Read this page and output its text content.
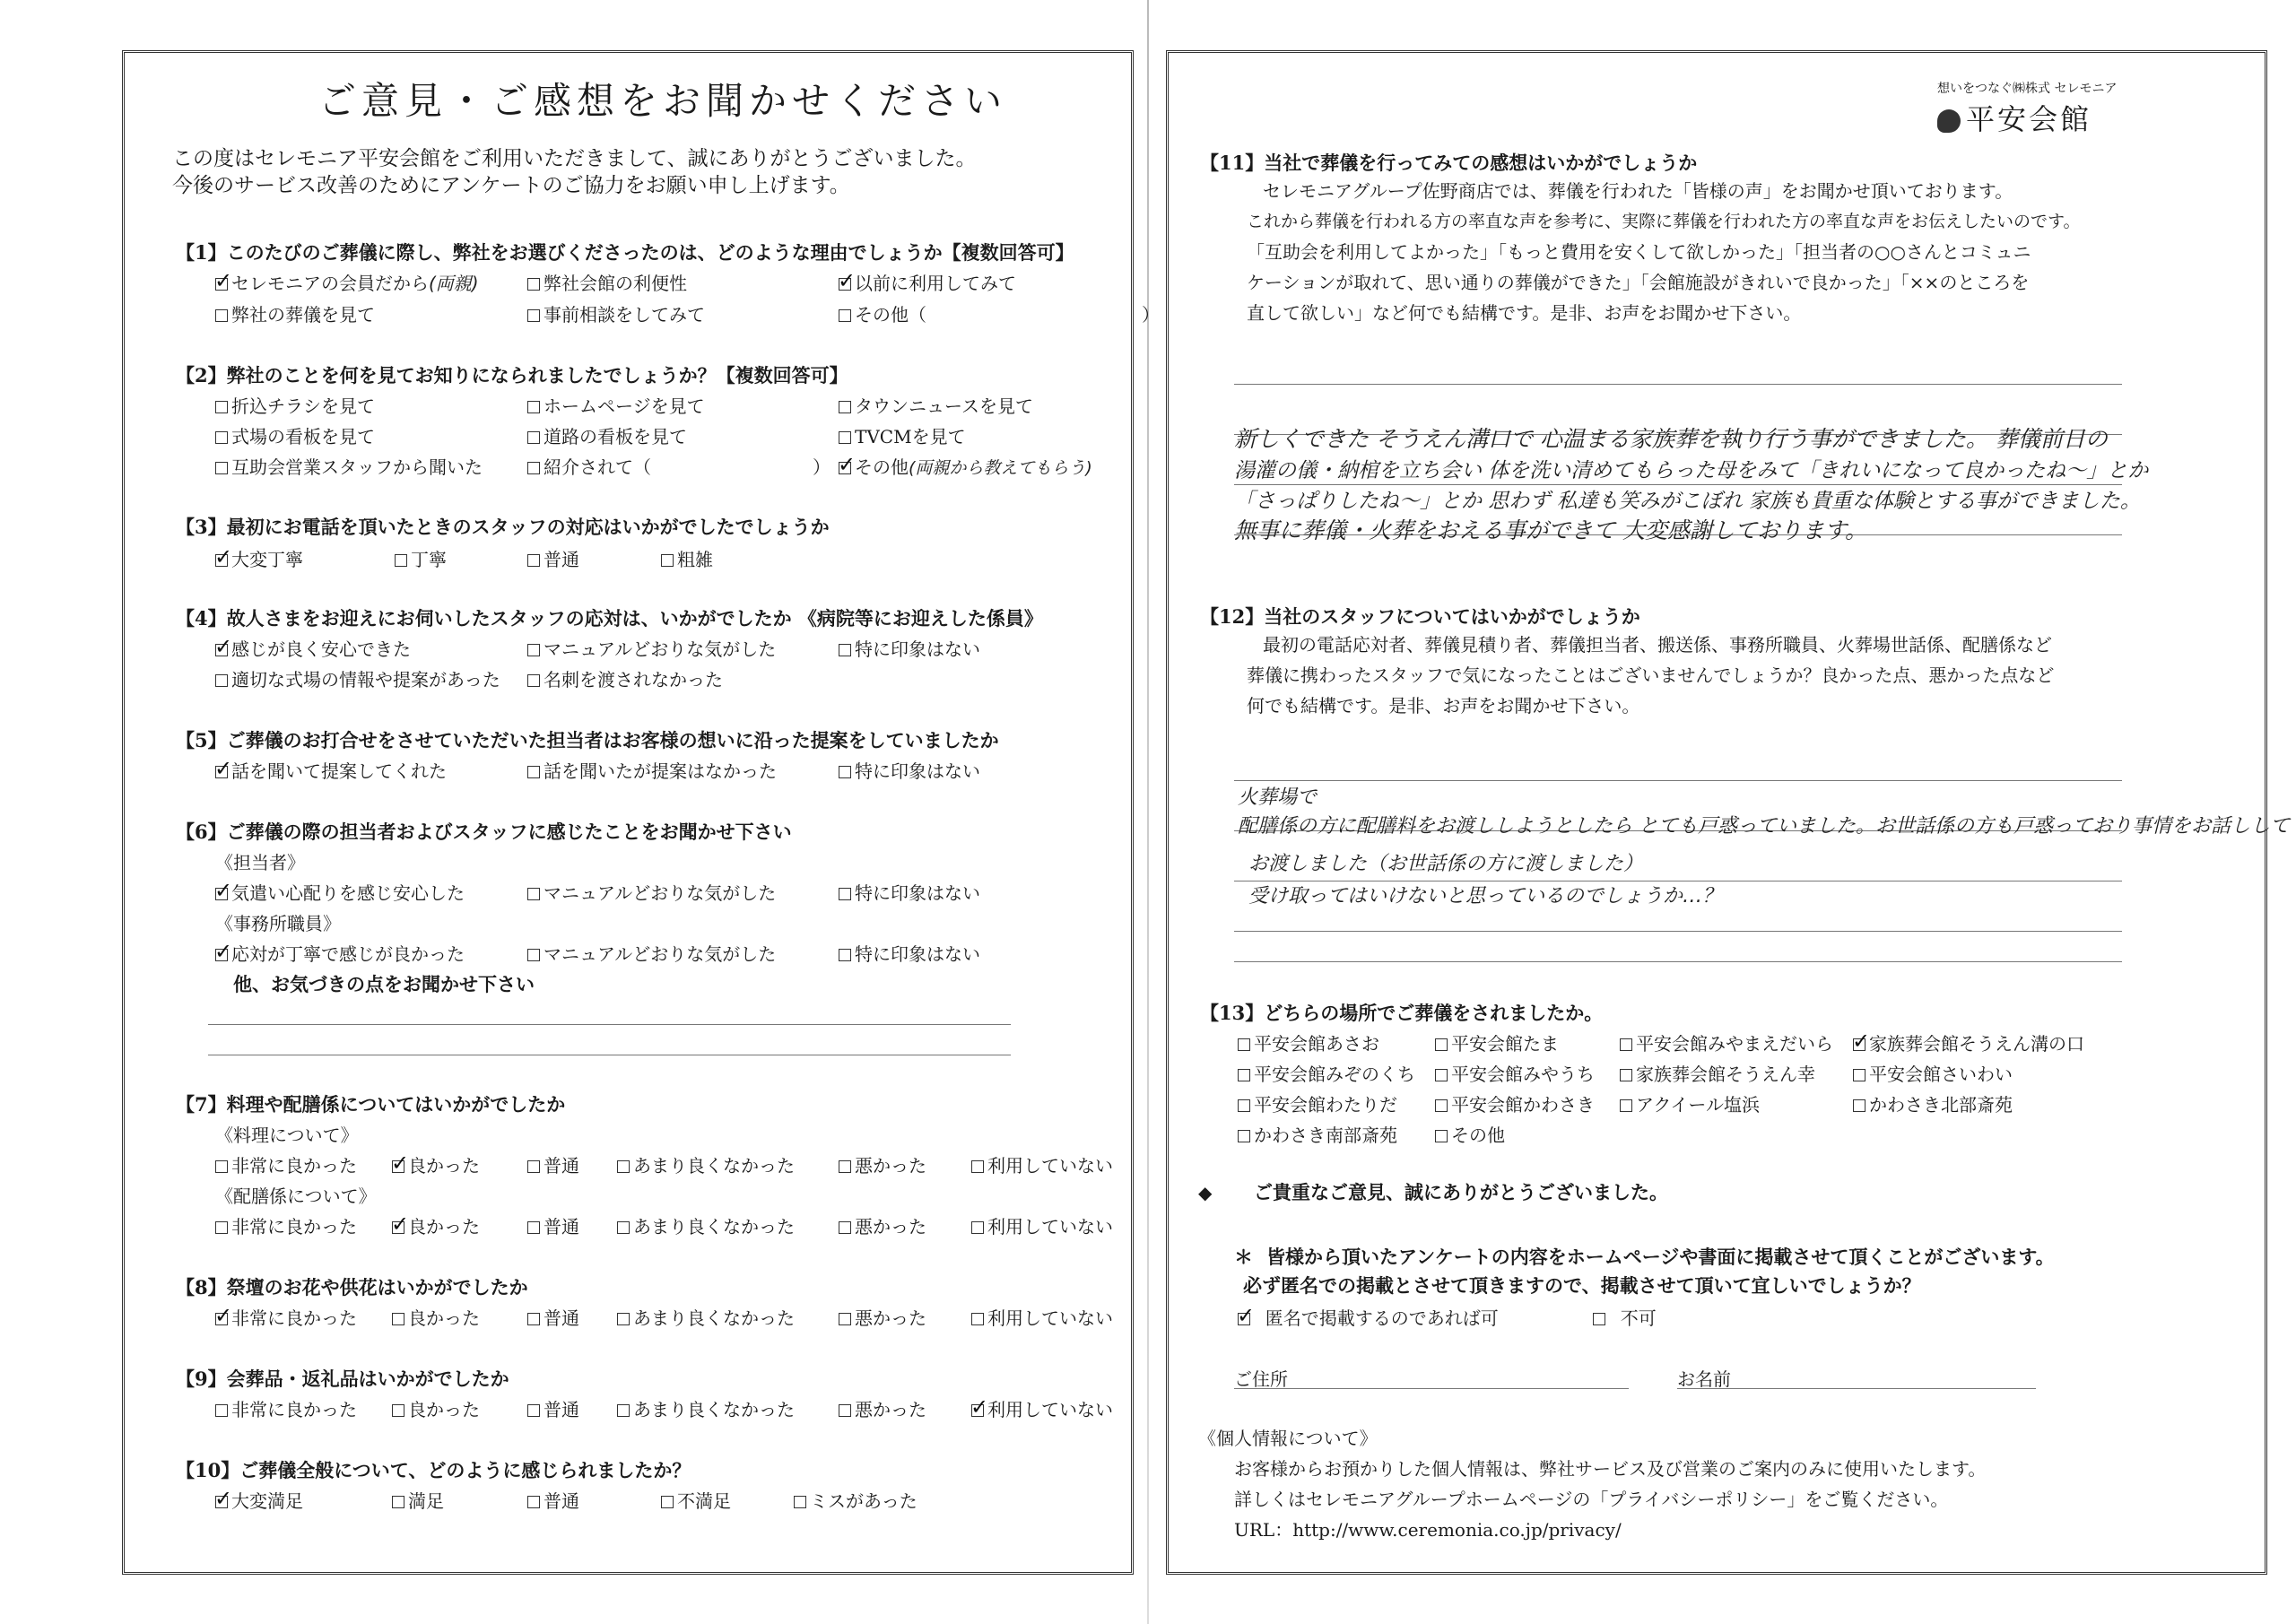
ご意見・ご感想をお聞かせください
この度はセレモニア平安会館をご利用いただきまして、誠にありがとうございました。
今後のサービス改善のためにアンケートのご協力をお願い申し上げます。
【1】このたびのご葬儀に際し、弊社をお選びくださったのは、どのような理由でしょうか【複数回答可】
✓セレモニアの会員だから(両親)	弊社会館の利便性 ✓	以前に利用してみて
弊社の葬儀を見て	事前相談をしてみて	その他（　　　　　　　　　　　　）
【2】弊社のことを何を見てお知りになられましたでしょうか？【複数回答可】
折込チラシを見て	ホームページを見て	タウンニュースを見て
式場の看板を見て	道路の看板を見て	TVCMを見て
互助会営業スタッフから聞いた	紹介されて（　　　　　　　　　） ✓	その他(両親から教えてもらう)
【3】最初にお電話を頂いたときのスタッフの対応はいかがでしたでしょうか
✓大変丁寧	丁寧	普通	粗雑
【4】故人さまをお迎えにお伺いしたスタッフの応対は、いかがでしたか 《病院等にお迎えした係員》
✓感じが良く安心できた	マニュアルどおりな気がした	特に印象はない
適切な式場の情報や提案があった	名刺を渡されなかった
【5】ご葬儀のお打合せをさせていただいた担当者はお客様の想いに沿った提案をしていましたか
✓話を聞いて提案してくれた	話を聞いたが提案はなかった	特に印象はない
【6】ご葬儀の際の担当者およびスタッフに感じたことをお聞かせ下さい
《担当者》
✓気遣い心配りを感じ安心した	マニュアルどおりな気がした	特に印象はない
《事務所職員》
✓応対が丁寧で感じが良かった	マニュアルどおりな気がした	特に印象はない
他、お気づきの点をお聞かせ下さい
【7】料理や配膳係についてはいかがでしたか
《料理について》
非常に良かった ✓	良かった	普通	あまり良くなかった	悪かった	利用していない
《配膳係について》
非常に良かった ✓	良かった	普通	あまり良くなかった	悪かった	利用していない
【8】祭壇のお花や供花はいかがでしたか
✓非常に良かった	良かった	普通	あまり良くなかった	悪かった	利用していない
【9】会葬品・返礼品はいかがでしたか
非常に良かった	良かった	普通	あまり良くなかった	悪かった ✓	利用していない
【10】ご葬儀全般について、どのように感じられましたか？
✓大変満足	満足	普通	不満足	ミスがあった
想いをつなぐ㈱株式 セレモニア
平安会館
【11】当社で葬儀を行ってみての感想はいかがでしょうか
セレモニアグループ佐野商店では、葬儀を行われた「皆様の声」をお聞かせ頂いております。
これから葬儀を行われる方の率直な声を参考に、実際に葬儀を行われた方の率直な声をお伝えしたいのです。
「互助会を利用してよかった」「もっと費用を安くして欲しかった」「担当者の○○さんとコミュニ
ケーションが取れて、思い通りの葬儀ができた」「会館施設がきれいで良かった」「××のところを
直して欲しい」など何でも結構です。是非、お声をお聞かせ下さい。
新しくできた そうえん溝口で 心温まる家族葬を執り行う事ができました。 葬儀前日の
湯灌の儀・納棺を立ち会い 体を洗い清めてもらった母をみて「きれいになって良かったね〜」とか
「さっぱりしたね〜」とか 思わず 私達も笑みがこぼれ 家族も貴重な体験とする事ができました。
無事に葬儀・火葬をおえる事ができて 大変感謝しております。
【12】当社のスタッフについてはいかがでしょうか
最初の電話応対者、葬儀見積り者、葬儀担当者、搬送係、事務所職員、火葬場世話係、配膳係など
葬儀に携わったスタッフで気になったことはございませんでしょうか？良かった点、悪かった点など
何でも結構です。是非、お声をお聞かせ下さい。
火葬場で
配膳係の方に配膳料をお渡ししようとしたら とても戸惑っていました。お世話係の方も戸惑っており事情をお話しして
お渡しました（お世話係の方に渡しました）
受け取ってはいけないと思っているのでしょうか…？
【13】どちらの場所でご葬儀をされましたか。
平安会館あさお	平安会館たま	平安会館みやまえだいら ✓	家族葬会館そうえん溝の口
平安会館みぞのくち	平安会館みやうち	家族葬会館そうえん幸	平安会館さいわい
平安会館わたりだ	平安会館かわさき	アクイール塩浜	かわさき北部斎苑
かわさき南部斎苑	その他
◆ ご貴重なご意見、誠にありがとうございました。
＊ 皆様から頂いたアンケートの内容をホームページや書面に掲載させて頂くことがございます。
必ず匿名での掲載とさせて頂きますので、掲載させて頂いて宜しいでしょうか？
✓  匿名で掲載するのであれば可	不可
ご住所	お名前
《個人情報について》
お客様からお預かりした個人情報は、弊社サービス及び営業のご案内のみに使用いたします。
詳しくはセレモニアグループホームページの「プライバシーポリシー」をご覧ください。
URL：http://www.ceremonia.co.jp/privacy/
